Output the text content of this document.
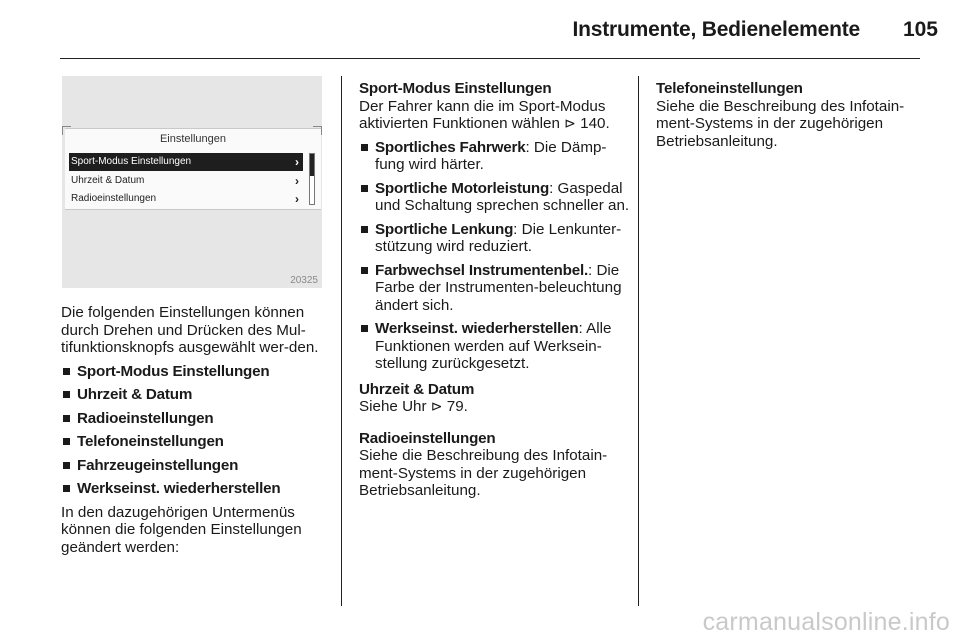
Instrumente, Bedienelemente	105
Einstellungen
Sport-Modus Einstellungen	›
Uhrzeit & Datum	›
Radioeinstellungen	›
20325

Die folgenden Einstellungen können durch Drehen und Drücken des Mul-tifunktionsknopfs ausgewählt wer-den.

Sport-Modus Einstellungen
Uhrzeit & Datum
Radioeinstellungen
Telefoneinstellungen
Fahrzeugeinstellungen
Werkseinst. wiederherstellen

In den dazugehörigen Untermenüs können die folgenden Einstellungen geändert werden:

Sport-Modus Einstellungen

Der Fahrer kann die im Sport-Modus aktivierten Funktionen wählen ⊳ 140.

Sportliches Fahrwerk: Die Dämp-fung wird härter.
Sportliche Motorleistung: Gaspedal und Schaltung sprechen schneller an.
Sportliche Lenkung: Die Lenkunter-stützung wird reduziert.
Farbwechsel Instrumentenbel.: Die Farbe der Instrumenten-beleuchtung ändert sich.
Werkseinst. wiederherstellen: Alle Funktionen werden auf Werksein-stellung zurückgesetzt.

Uhrzeit & Datum

Siehe Uhr ⊳ 79.

Radioeinstellungen

Siehe die Beschreibung des Infotain-ment-Systems in der zugehörigen Betriebsanleitung.

Telefoneinstellungen

Siehe die Beschreibung des Infotain-ment-Systems in der zugehörigen Betriebsanleitung.

carmanualsonline.info
